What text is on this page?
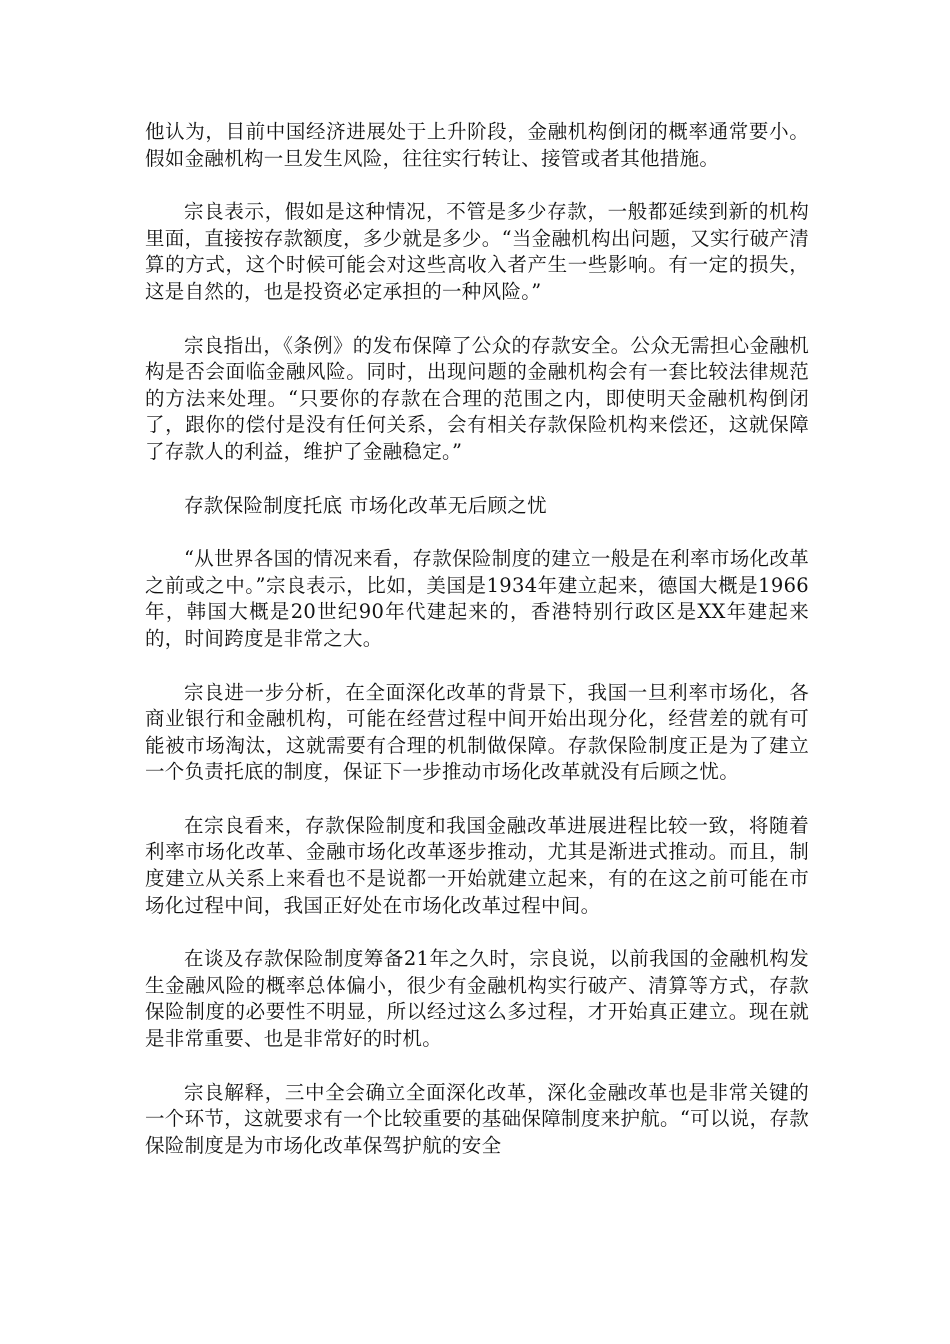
他认为，目前中国经济进展处于上升阶段，金融机构倒闭的概率通常要小。假如金融机构一旦发生风险，往往实行转让、接管或者其他措施。

宗良表示，假如是这种情况，不管是多少存款，一般都延续到新的机构里面，直接按存款额度，多少就是多少。“当金融机构出问题，又实行破产清算的方式，这个时候可能会对这些高收入者产生一些影响。有一定的损失，这是自然的，也是投资必定承担的一种风险。”

宗良指出，《条例》的发布保障了公众的存款安全。公众无需担心金融机构是否会面临金融风险。同时，出现问题的金融机构会有一套比较法律规范的方法来处理。“只要你的存款在合理的范围之内，即使明天金融机构倒闭了，跟你的偿付是没有任何关系，会有相关存款保险机构来偿还，这就保障了存款人的利益，维护了金融稳定。”

存款保险制度托底 市场化改革无后顾之忧

“从世界各国的情况来看，存款保险制度的建立一般是在利率市场化改革之前或之中。”宗良表示，比如，美国是1934年建立起来，德国大概是1966年，韩国大概是20世纪90年代建起来的，香港特别行政区是XX年建起来的，时间跨度是非常之大。

宗良进一步分析，在全面深化改革的背景下，我国一旦利率市场化，各商业银行和金融机构，可能在经营过程中间开始出现分化，经营差的就有可能被市场淘汰，这就需要有合理的机制做保障。存款保险制度正是为了建立一个负责托底的制度，保证下一步推动市场化改革就没有后顾之忧。

在宗良看来，存款保险制度和我国金融改革进展进程比较一致，将随着利率市场化改革、金融市场化改革逐步推动，尤其是渐进式推动。而且，制度建立从关系上来看也不是说都一开始就建立起来，有的在这之前可能在市场化过程中间，我国正好处在市场化改革过程中间。

在谈及存款保险制度筹备21年之久时，宗良说，以前我国的金融机构发生金融风险的概率总体偏小，很少有金融机构实行破产、清算等方式，存款保险制度的必要性不明显，所以经过这么多过程，才开始真正建立。现在就是非常重要、也是非常好的时机。

宗良解释，三中全会确立全面深化改革，深化金融改革也是非常关键的一个环节，这就要求有一个比较重要的基础保障制度来护航。“可以说，存款保险制度是为市场化改革保驾护航的安全
